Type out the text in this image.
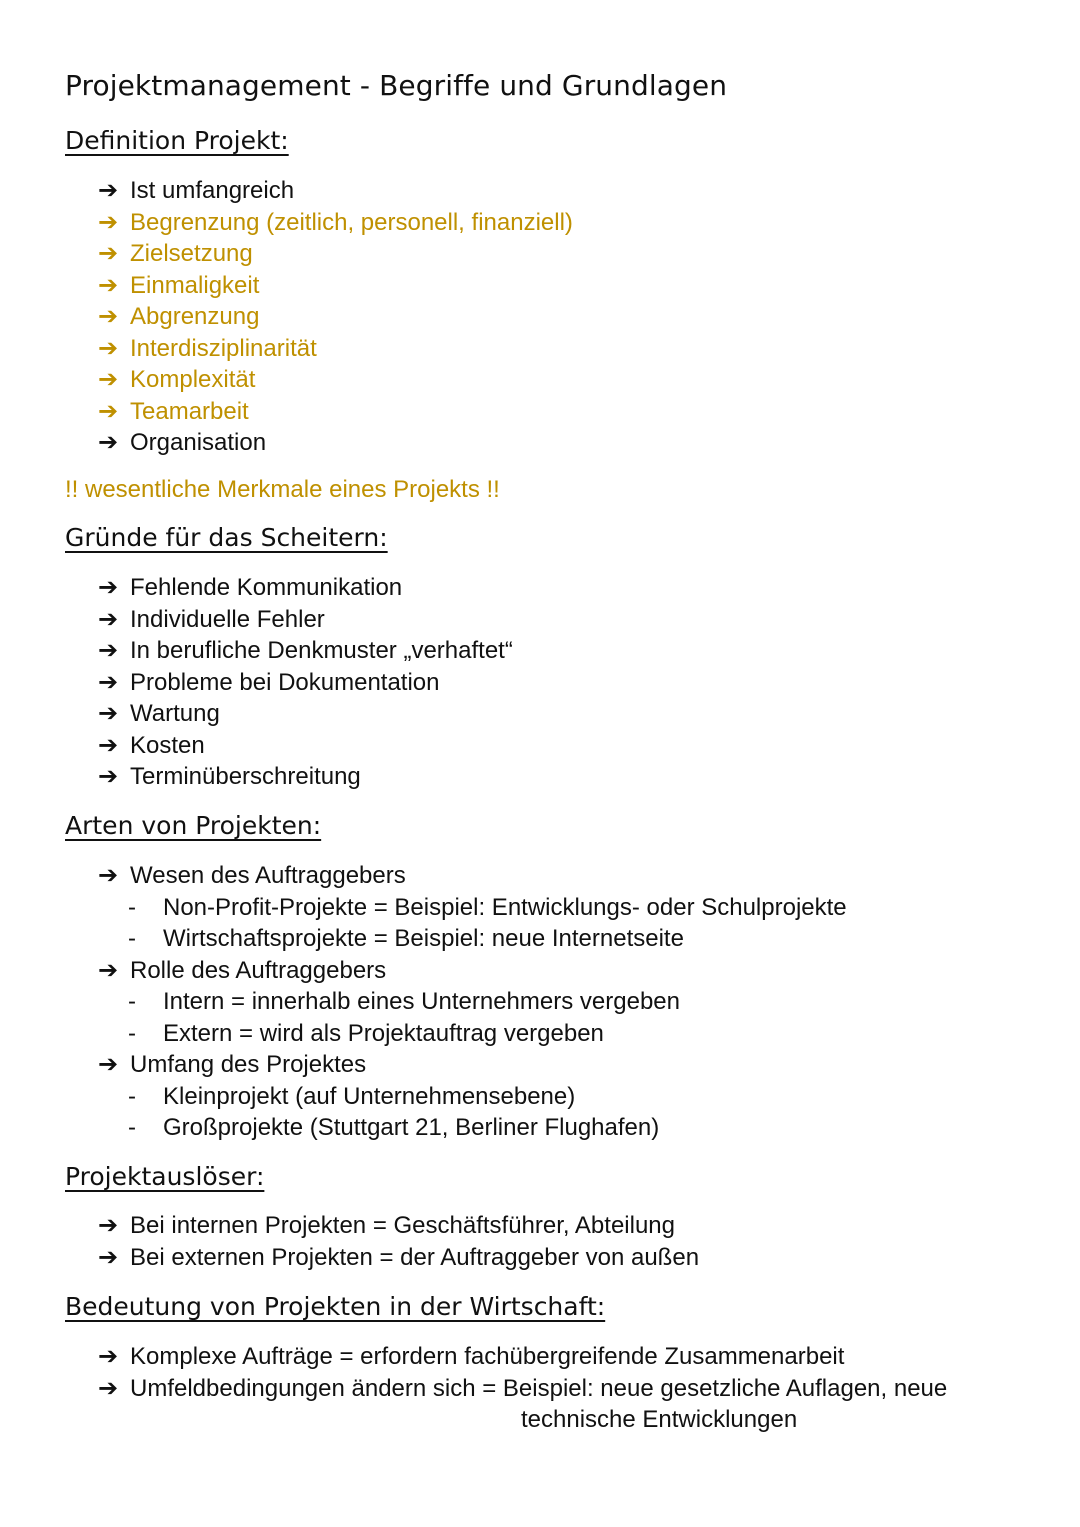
Projektmanagement - Begriffe und Grundlagen
Definition Projekt:
➔ Ist umfangreich
➔ Begrenzung (zeitlich, personell, finanziell)
➔ Zielsetzung
➔ Einmaligkeit
➔ Abgrenzung
➔ Interdisziplinarität
➔ Komplexität
➔ Teamarbeit
➔ Organisation
!! wesentliche Merkmale eines Projekts !!
Gründe für das Scheitern:
➔ Fehlende Kommunikation
➔ Individuelle Fehler
➔ In berufliche Denkmuster „verhaftet“
➔ Probleme bei Dokumentation
➔ Wartung
➔ Kosten
➔ Terminüberschreitung
Arten von Projekten:
➔ Wesen des Auftraggebers
-	Non-Profit-Projekte = Beispiel: Entwicklungs- oder Schulprojekte
-	Wirtschaftsprojekte = Beispiel: neue Internetseite
➔ Rolle des Auftraggebers
-	Intern = innerhalb eines Unternehmers vergeben
-	Extern = wird als Projektauftrag vergeben
➔ Umfang des Projektes
-	Kleinprojekt (auf Unternehmensebene)
-	Großprojekte (Stuttgart 21, Berliner Flughafen)
Projektauslöser:
➔ Bei internen Projekten = Geschäftsführer, Abteilung
➔ Bei externen Projekten = der Auftraggeber von außen
Bedeutung von Projekten in der Wirtschaft:
➔ Komplexe Aufträge = erfordern fachübergreifende Zusammenarbeit
➔ Umfeldbedingungen ändern sich = Beispiel: neue gesetzliche Auflagen, neue
technische Entwicklungen
